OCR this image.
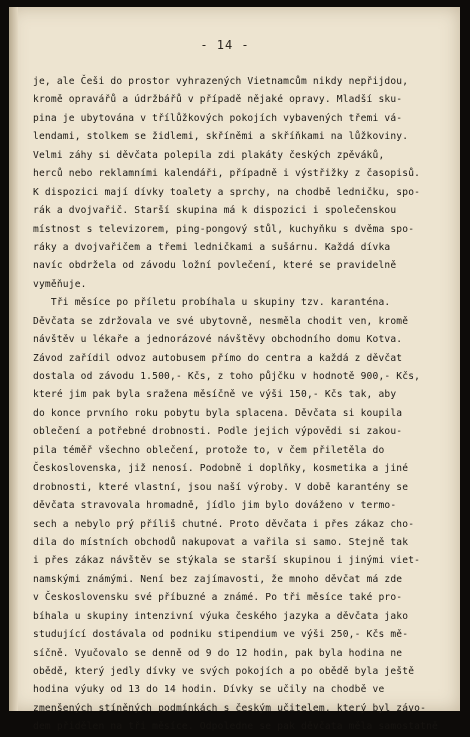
- 14 -
je, ale Češi do prostor vyhrazených Vietnamcům nikdy nepřijdou,
kromě opravářů a údržbářů v případě nějaké opravy. Mladší sku-
pina je ubytována v třílůžkových pokojích vybavených třemi vá-
lendami, stolkem se židlemi, skříněmi a skříňkami na lůžkoviny.
Velmi záhy si děvčata polepila zdi plakáty českých zpěváků,
herců nebo reklamními kalendáři, případně i výstřižky z časopisů.
K dispozici mají dívky toalety a sprchy, na chodbě ledničku, spo-
rák a dvojvařič. Starší skupina má k dispozici i společenskou
místnost s televizorem, ping-pongový stůl, kuchyňku s dvěma spo-
ráky a dvojvařičem a třemi ledničkami a sušárnu. Každá dívka
navíc obdržela od závodu ložní povlečení, které se pravidelně
vyměňuje.
Tři měsíce po příletu probíhala u skupiny tzv. karanténa.
Děvčata se zdržovala ve své ubytovně, nesměla chodit ven, kromě
návštěv u lékaře a jednorázové návštěvy obchodního domu Kotva.
Závod zařídil odvoz autobusem přímo do centra a každá z děvčat
dostala od závodu 1.500,- Kčs, z toho půjčku v hodnotě 900,- Kčs,
které jim pak byla sražena měsíčně ve výši 150,- Kčs tak, aby
do konce prvního roku pobytu byla splacena. Děvčata si koupila
oblečení a potřebné drobnosti. Podle jejich výpovědi si zakou-
pila téměř všechno oblečení, protože to, v čem přiletěla do
Československa, již nenosí. Podobně i doplňky, kosmetika a jiné
drobnosti, které vlastní, jsou naší výroby. V době karantény se
děvčata stravovala hromadně, jídlo jim bylo dováženo v termo-
sech a nebylo prý příliš chutné. Proto děvčata i přes zákaz cho-
dila do místních obchodů nakupovat a vařila si samo. Stejně tak
i přes zákaz návštěv se stýkala se starší skupinou i jinými viet-
namskými známými. Není bez zajímavosti, že mnoho děvčat má zde
v Československu své příbuzné a známé. Po tři měsíce také pro-
bíhala u skupiny intenzivní výuka českého jazyka a děvčata jako
studující dostávala od podniku stipendium ve výši 250,- Kčs mě-
síčně. Vyučovalo se denně od 9 do 12 hodin, pak byla hodina ne
obědě, který jedly dívky ve svých pokojích a po obědě byla ještě
hodina výuky od 13 do 14 hodin. Dívky se učily na chodbě ve
zmenšených stíněných podmínkách s českým učitelem, který byl závo-
dem přidělen na tři měsíce. Odpoledne se pak děvčata měla samostatně
